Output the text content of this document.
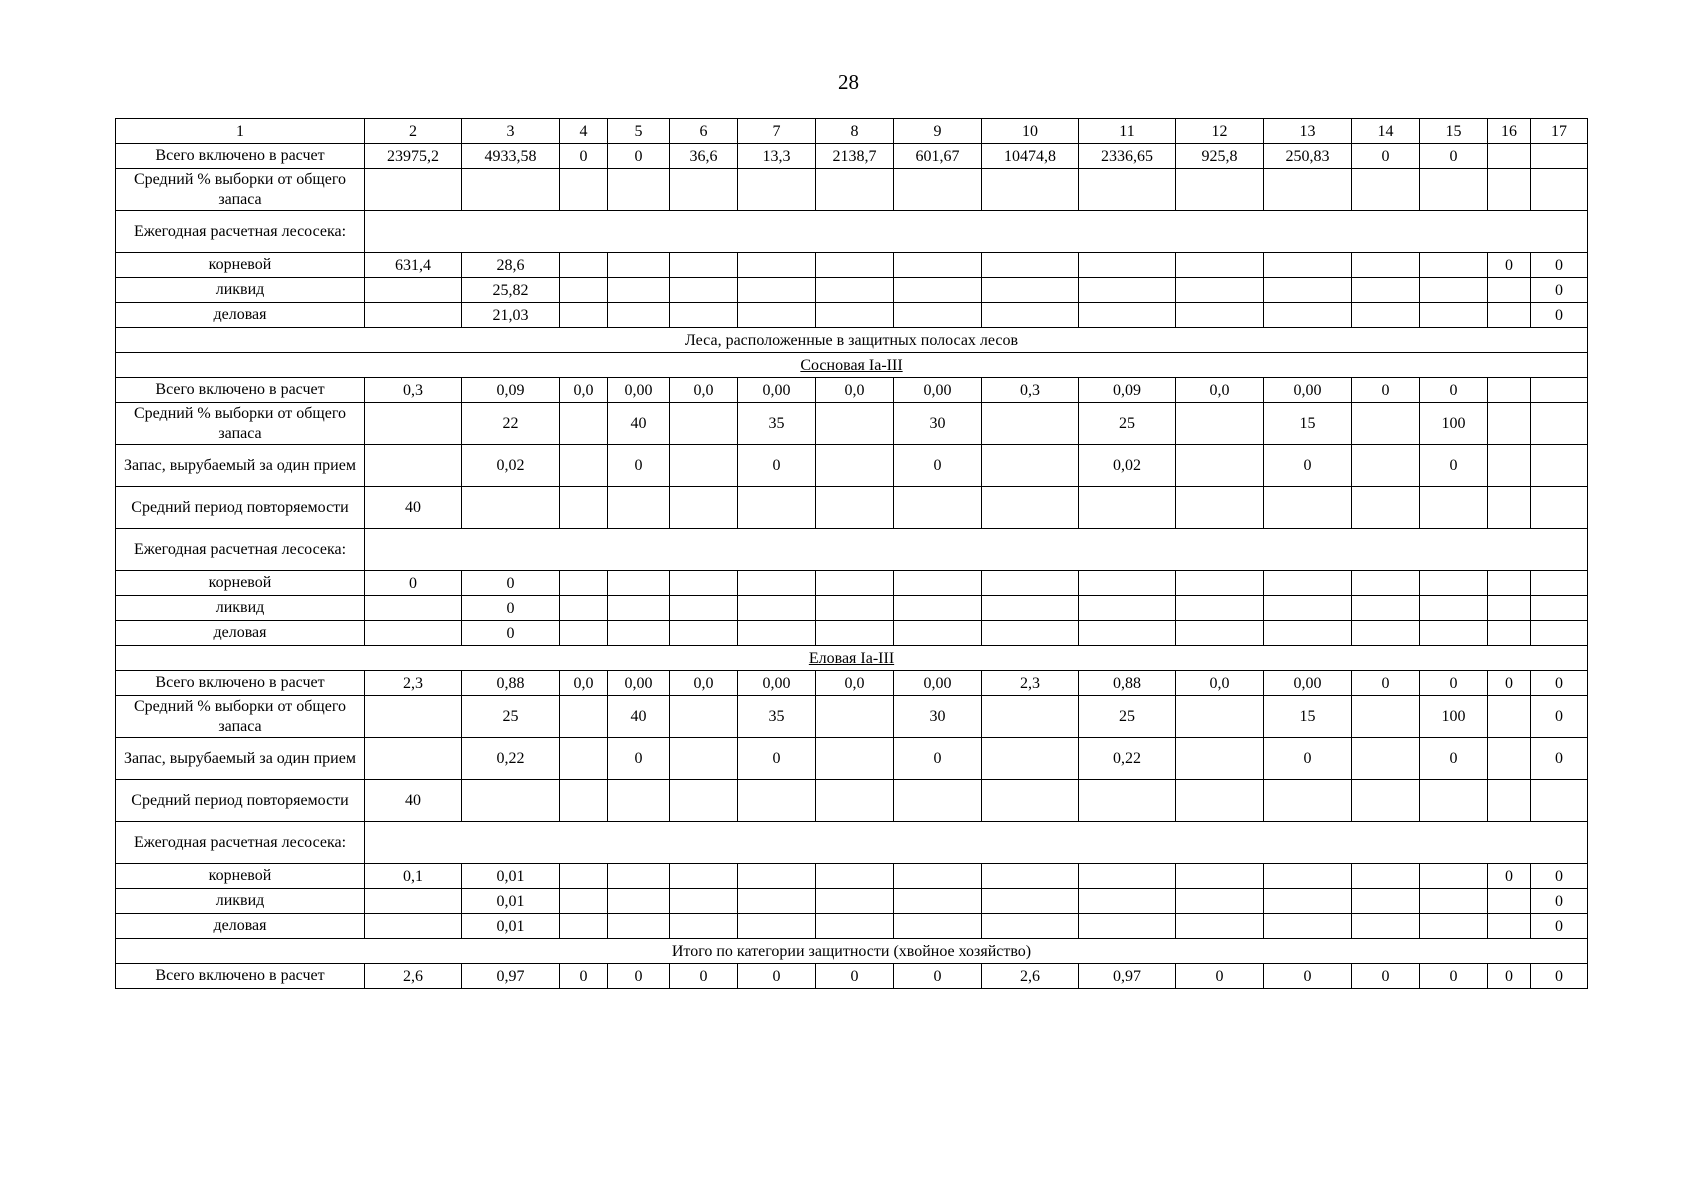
28
1	2	3	4	5	6	7	8	9	10	11	12	13	14	15	16	17
Всего включено в расчет	23975,2	4933,58	0	0	36,6	13,3	2138,7	601,67	10474,8	2336,65	925,8	250,83	0	0		
Средний % выборки от общего запаса																
Ежегодная расчетная лесосека:																
корневой	631,4	28,6													0	0
ликвид		25,82														0
деловая		21,03														0
Леса, расположенные в защитных полосах лесов																
Сосновая Ia-III																
Всего включено в расчет	0,3	0,09	0,0	0,00	0,0	0,00	0,0	0,00	0,3	0,09	0,0	0,00	0	0		
Средний % выборки от общего запаса		22		40		35		30		25		15		100		
Запас, вырубаемый за один прием		0,02		0		0		0		0,02		0		0		
Средний период повторяемости	40															
Ежегодная расчетная лесосека:																
корневой	0	0														
ликвид		0														
деловая		0														
Еловая Ia-III																
Всего включено в расчет	2,3	0,88	0,0	0,00	0,0	0,00	0,0	0,00	2,3	0,88	0,0	0,00	0	0	0	0
Средний % выборки от общего запаса		25		40		35		30		25		15		100		0
Запас, вырубаемый за один прием		0,22		0		0		0		0,22		0		0		0
Средний период повторяемости	40															
Ежегодная расчетная лесосека:																
корневой	0,1	0,01													0	0
ликвид		0,01														0
деловая		0,01														0
Итого по категории защитности (хвойное хозяйство)																
Всего включено в расчет	2,6	0,97	0	0	0	0	0	0	2,6	0,97	0	0	0	0	0	0
